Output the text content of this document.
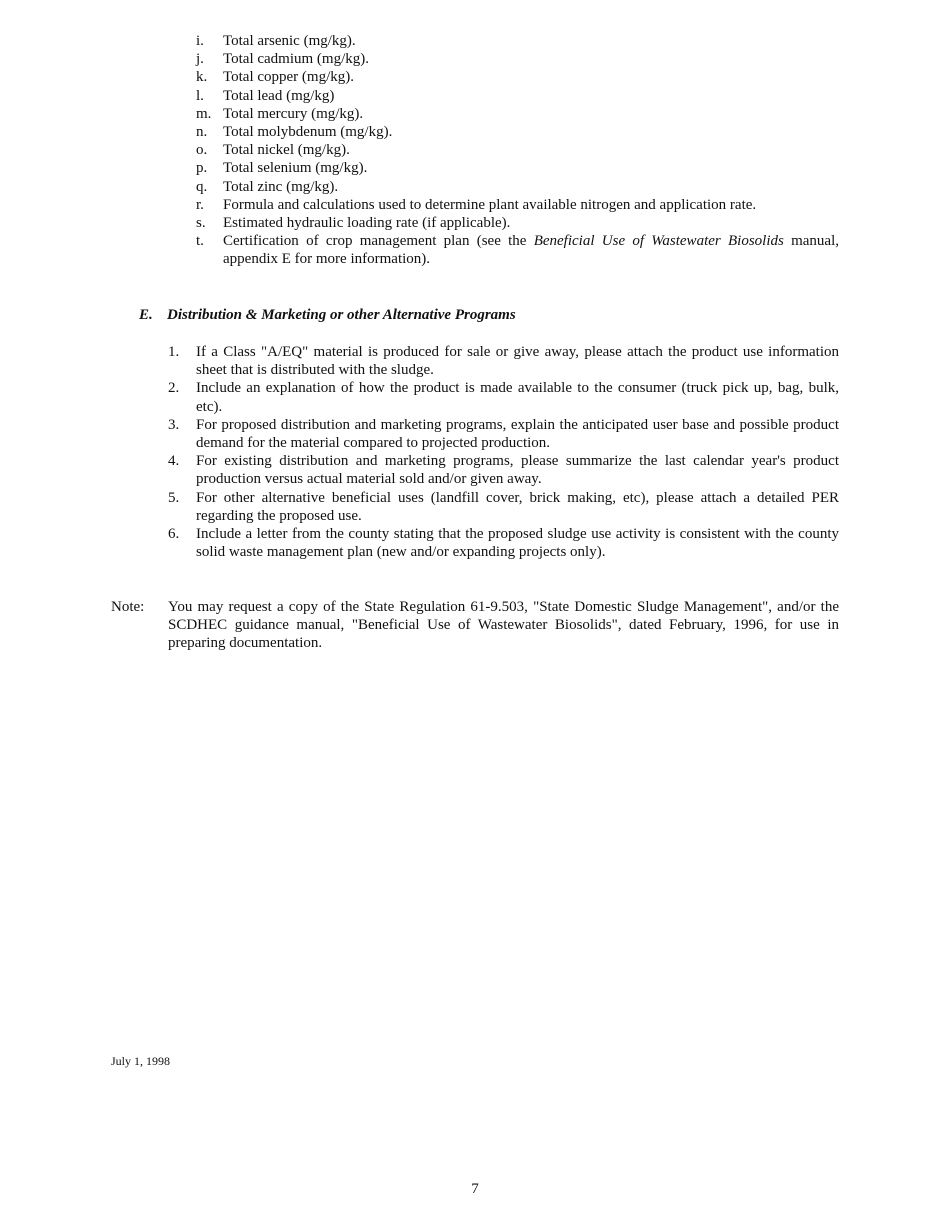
i.	Total arsenic (mg/kg).
j.	Total cadmium (mg/kg).
k.	Total copper (mg/kg).
l.	Total lead (mg/kg)
m. Total mercury (mg/kg).
n.	Total molybdenum (mg/kg).
o.	Total nickel (mg/kg).
p.	Total selenium (mg/kg).
q.	Total zinc (mg/kg).
r.	Formula and calculations used to determine plant available nitrogen and application rate.
s.	Estimated hydraulic loading rate (if applicable).
t.	Certification of crop management plan (see the Beneficial Use of Wastewater Biosolids manual, appendix E for more information).
E. Distribution & Marketing or other Alternative Programs
1.	If a Class "A/EQ" material is produced for sale or give away, please attach the product use information sheet that is distributed with the sludge.
2.	Include an explanation of how the product is made available to the consumer (truck pick up, bag, bulk, etc).
3.	For proposed distribution and marketing programs, explain the anticipated user base and possible product demand for the material compared to projected production.
4.	For existing distribution and marketing programs, please summarize the last calendar year's product production versus actual material sold and/or given away.
5.	For other alternative beneficial uses (landfill cover, brick making, etc), please attach a detailed PER regarding the proposed use.
6.	Include a letter from the county stating that the proposed sludge use activity is consistent with the county solid waste management plan (new and/or expanding projects only).
Note:	You may request a copy of the State Regulation 61-9.503, "State Domestic Sludge Management", and/or the SCDHEC guidance manual, "Beneficial Use of Wastewater Biosolids", dated February, 1996, for use in preparing documentation.
July 1, 1998
7
